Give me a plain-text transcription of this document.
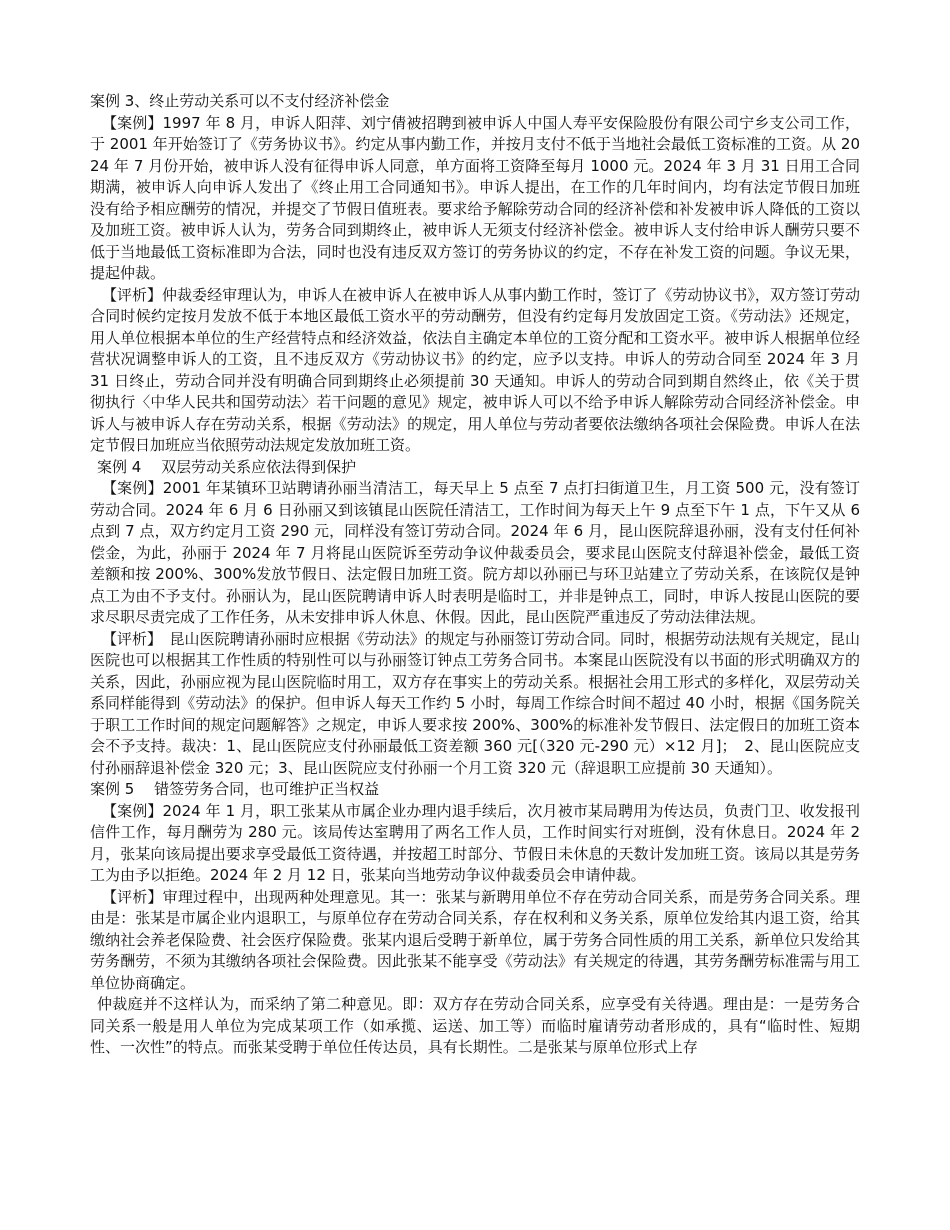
案例 3、终止劳动关系可以不支付经济补偿金

【案例】1997 年 8 月，申诉人阳萍、刘宁倩被招聘到被申诉人中国人寿平安保险股份有限公司宁乡支公司工作，于 2001 年开始签订了《劳务协议书》。约定从事内勤工作，并按月支付不低于当地社会最低工资标准的工资。从 2024 年 7 月份开始，被申诉人没有征得申诉人同意，单方面将工资降至每月 1000 元。2024 年 3 月 31 日用工合同期满，被申诉人向申诉人发出了《终止用工合同通知书》。申诉人提出，在工作的几年时间内，均有法定节假日加班没有给予相应酬劳的情况，并提交了节假日值班表。要求给予解除劳动合同的经济补偿和补发被申诉人降低的工资以及加班工资。被申诉人认为，劳务合同到期终止，被申诉人无须支付经济补偿金。被申诉人支付给申诉人酬劳只要不低于当地最低工资标准即为合法，同时也没有违反双方签订的劳务协议的约定，不存在补发工资的问题。争议无果，提起仲裁。

【评析】仲裁委经审理认为，申诉人在被申诉人在被申诉人从事内勤工作时，签订了《劳动协议书》，双方签订劳动合同时候约定按月发放不低于本地区最低工资水平的劳动酬劳，但没有约定每月发放固定工资。《劳动法》还规定，用人单位根据本单位的生产经营特点和经济效益，依法自主确定本单位的工资分配和工资水平。被申诉人根据单位经营状况调整申诉人的工资，且不违反双方《劳动协议书》的约定，应予以支持。申诉人的劳动合同至 2024 年 3 月 31 日终止，劳动合同并没有明确合同到期终止必须提前 30 天通知。申诉人的劳动合同到期自然终止，依《关于贯彻执行〈中华人民共和国劳动法〉若干问题的意见》规定，被申诉人可以不给予申诉人解除劳动合同经济补偿金。申诉人与被申诉人存在劳动关系，根据《劳动法》的规定，用人单位与劳动者要依法缴纳各项社会保险费。申诉人在法定节假日加班应当依照劳动法规定发放加班工资。

案例 4　 双层劳动关系应依法得到保护

【案例】2001 年某镇环卫站聘请孙丽当清洁工，每天早上 5 点至 7 点打扫街道卫生，月工资 500 元，没有签订劳动合同。2024 年 6 月 6 日孙丽又到该镇昆山医院任清洁工，工作时间为每天上午 9 点至下午 1 点，下午又从 6 点到 7 点，双方约定月工资 290 元，同样没有签订劳动合同。2024 年 6 月，昆山医院辞退孙丽，没有支付任何补偿金，为此，孙丽于 2024 年 7 月将昆山医院诉至劳动争议仲裁委员会，要求昆山医院支付辞退补偿金，最低工资差额和按 200%、300%发放节假日、法定假日加班工资。院方却以孙丽已与环卫站建立了劳动关系，在该院仅是钟点工为由不予支付。孙丽认为，昆山医院聘请申诉人时表明是临时工，并非是钟点工，同时，申诉人按昆山医院的要求尽职尽责完成了工作任务，从未安排申诉人休息、休假。因此，昆山医院严重违反了劳动法律法规。

【评析】　昆山医院聘请孙丽时应根据《劳动法》的规定与孙丽签订劳动合同。同时，根据劳动法规有关规定，昆山医院也可以根据其工作性质的特别性可以与孙丽签订钟点工劳务合同书。本案昆山医院没有以书面的形式明确双方的关系，因此，孙丽应视为昆山医院临时用工，双方存在事实上的劳动关系。根据社会用工形式的多样化，双层劳动关系同样能得到《劳动法》的保护。但申诉人每天工作约 5 小时，每周工作综合时间不超过 40 小时，根据《国务院关于职工工作时间的规定问题解答》之规定，申诉人要求按 200%、300%的标准补发节假日、法定假日的加班工资本会不予支持。裁决：1、昆山医院应支付孙丽最低工资差额 360 元[（320 元-290 元）×12 月]；　2、昆山医院应支付孙丽辞退补偿金 320 元；3、昆山医院应支付孙丽一个月工资 320 元（辞退职工应提前 30 天通知）。

案例 5　 错签劳务合同，也可维护正当权益

【案例】2024 年 1 月，职工张某从市属企业办理内退手续后，次月被市某局聘用为传达员，负责门卫、收发报刊信件工作，每月酬劳为 280 元。该局传达室聘用了两名工作人员，工作时间实行对班倒，没有休息日。2024 年 2 月，张某向该局提出要求享受最低工资待遇，并按超工时部分、节假日未休息的天数计发加班工资。该局以其是劳务工为由予以拒绝。2024 年 2 月 12 日，张某向当地劳动争议仲裁委员会申请仲裁。

【评析】审理过程中，出现两种处理意见。其一：张某与新聘用单位不存在劳动合同关系，而是劳务合同关系。理由是：张某是市属企业内退职工，与原单位存在劳动合同关系，存在权利和义务关系，原单位发给其内退工资，给其缴纳社会养老保险费、社会医疗保险费。张某内退后受聘于新单位，属于劳务合同性质的用工关系，新单位只发给其劳务酬劳，不须为其缴纳各项社会保险费。因此张某不能享受《劳动法》有关规定的待遇，其劳务酬劳标准需与用工单位协商确定。

仲裁庭并不这样认为，而采纳了第二种意见。即：双方存在劳动合同关系，应享受有关待遇。理由是：一是劳务合同关系一般是用人单位为完成某项工作（如承揽、运送、加工等）而临时雇请劳动者形成的，具有“临时性、短期性、一次性”的特点。而张某受聘于单位任传达员，具有长期性。二是张某与原单位形式上存
